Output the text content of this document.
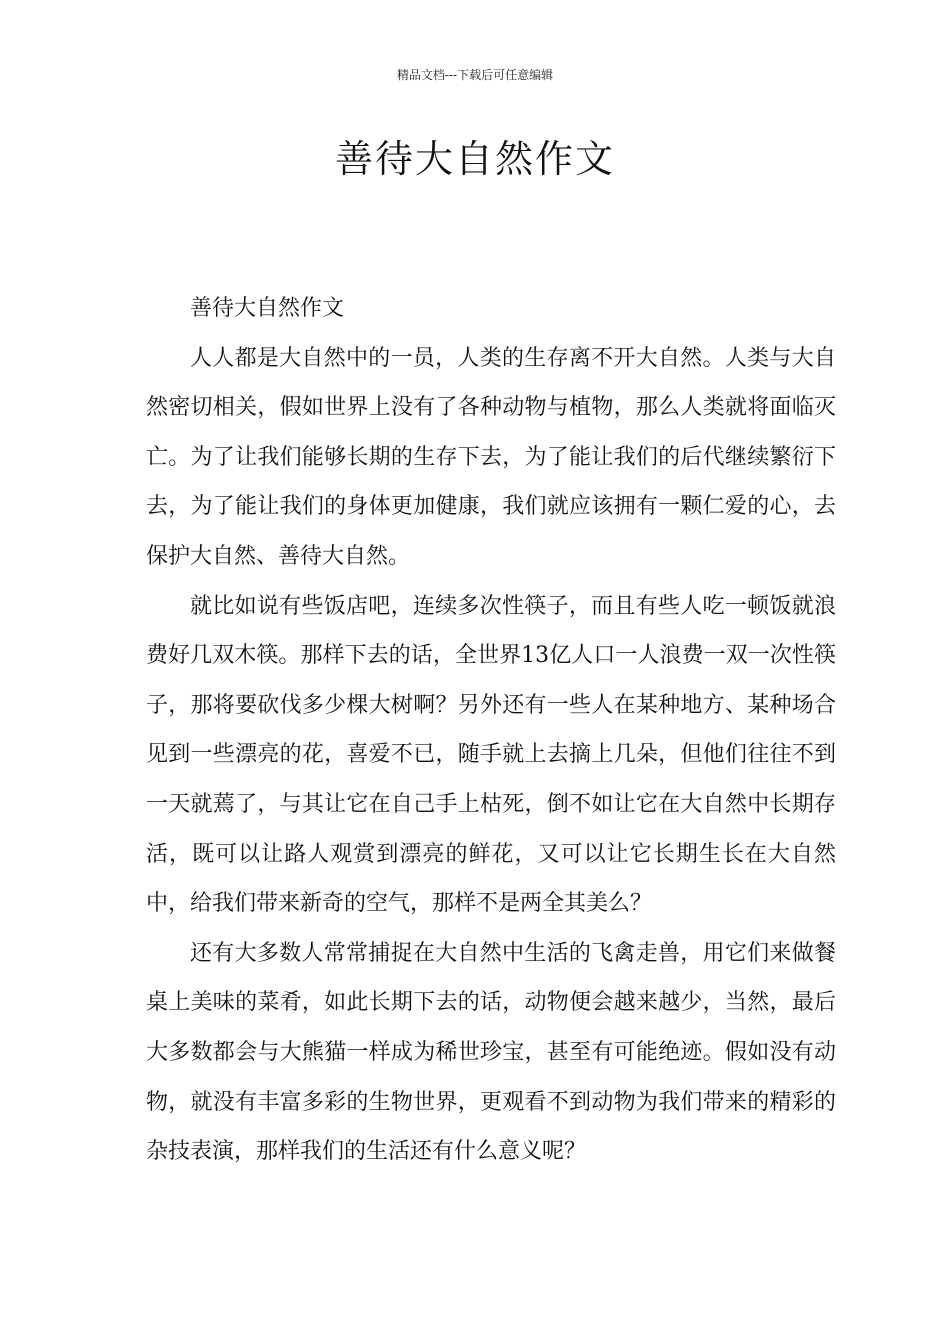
精品文档---下载后可任意编辑
善待大自然作文

善待大自然作文

人人都是大自然中的一员，人类的生存离不开大自然。人类与大自然密切相关，假如世界上没有了各种动物与植物，那么人类就将面临灭亡。为了让我们能够长期的生存下去，为了能让我们的后代继续繁衍下去，为了能让我们的身体更加健康，我们就应该拥有一颗仁爱的心，去保护大自然、善待大自然。

就比如说有些饭店吧，连续多次性筷子，而且有些人吃一顿饭就浪费好几双木筷。那样下去的话，全世界13亿人口一人浪费一双一次性筷子，那将要砍伐多少棵大树啊？另外还有一些人在某种地方、某种场合见到一些漂亮的花，喜爱不已，随手就上去摘上几朵，但他们往往不到一天就蔫了，与其让它在自己手上枯死，倒不如让它在大自然中长期存活，既可以让路人观赏到漂亮的鲜花，又可以让它长期生长在大自然中，给我们带来新奇的空气，那样不是两全其美么？

还有大多数人常常捕捉在大自然中生活的飞禽走兽，用它们来做餐桌上美味的菜肴，如此长期下去的话，动物便会越来越少，当然，最后大多数都会与大熊猫一样成为稀世珍宝，甚至有可能绝迹。假如没有动物，就没有丰富多彩的生物世界，更观看不到动物为我们带来的精彩的杂技表演，那样我们的生活还有什么意义呢？
